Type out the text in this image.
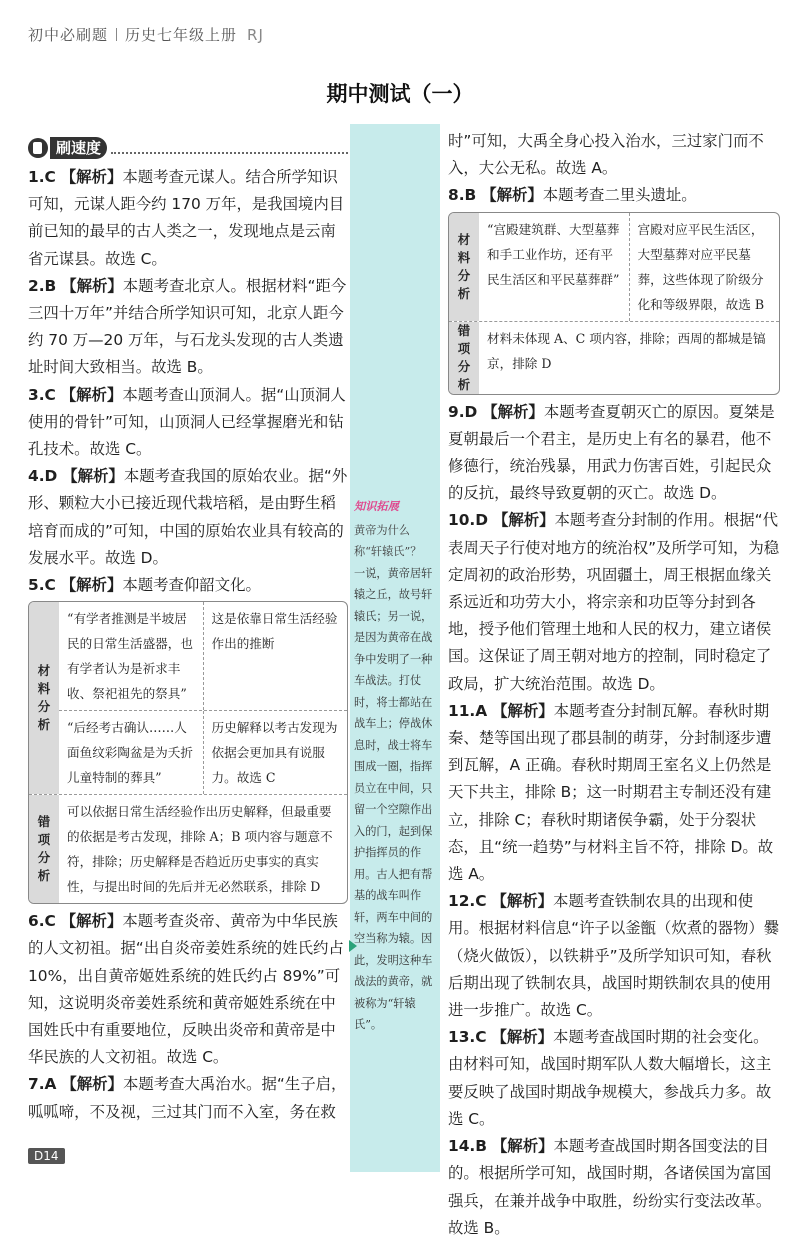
初中必刷题 历史七年级上册 RJ
期中测试（一）
刷速度
1.C 【解析】本题考查元谋人。结合所学知识可知，元谋人距今约 170 万年，是我国境内目前已知的最早的古人类之一，发现地点是云南省元谋县。故选 C。
2.B 【解析】本题考查北京人。根据材料“距今三四十万年”并结合所学知识可知，北京人距今约 70 万—20 万年，与石龙头发现的古人类遗址时间大致相当。故选 B。
3.C 【解析】本题考查山顶洞人。据“山顶洞人使用的骨针”可知，山顶洞人已经掌握磨光和钻孔技术。故选 C。
4.D 【解析】本题考查我国的原始农业。据“外形、颗粒大小已接近现代栽培稻，是由野生稻培育而成的”可知，中国的原始农业具有较高的发展水平。故选 D。
5.C 【解析】本题考查仰韶文化。
材料分析
“有学者推测是半坡居民的日常生活盛器，也有学者认为是祈求丰收、祭祀祖先的祭具”
这是依靠日常生活经验作出的推断
“后经考古确认……人面鱼纹彩陶盆是为夭折儿童特制的葬具”
历史解释以考古发现为依据会更加具有说服力。故选 C
错项分析
可以依据日常生活经验作出历史解释，但最重要的依据是考古发现，排除 A；B 项内容与题意不符，排除；历史解释是否趋近历史事实的真实性，与提出时间的先后并无必然联系，排除 D
6.C 【解析】本题考查炎帝、黄帝为中华民族的人文初祖。据“出自炎帝姜姓系统的姓氏约占 10%，出自黄帝姬姓系统的姓氏约占 89%”可知，这说明炎帝姜姓系统和黄帝姬姓系统在中国姓氏中有重要地位，反映出炎帝和黄帝是中华民族的人文初祖。故选 C。
7.A 【解析】本题考查大禹治水。据“生子启，呱呱啼，不及视，三过其门而不入室，务在救
知识拓展
黄帝为什么称“轩辕氏”？
一说，黄帝居轩辕之丘，故号轩辕氏；另一说，是因为黄帝在战争中发明了一种车战法。打仗时，将士都站在战车上；停战休息时，战士将车围成一圈，指挥员立在中间，只留一个空隙作出入的门，起到保护指挥员的作用。古人把有帮基的战车叫作轩，两车中间的空当称为辕。因此，发明这种车战法的黄帝，就被称为“轩辕氏”。
时”可知，大禹全身心投入治水，三过家门而不入，大公无私。故选 A。
8.B 【解析】本题考查二里头遗址。
材料分析
“宫殿建筑群、大型墓葬和手工业作坊，还有平民生活区和平民墓葬群”
宫殿对应平民生活区，大型墓葬对应平民墓葬，这些体现了阶级分化和等级界限，故选 B
错项分析
材料未体现 A、C 项内容，排除；西周的都城是镐京，排除 D
9.D 【解析】本题考查夏朝灭亡的原因。夏桀是夏朝最后一个君主，是历史上有名的暴君，他不修德行，统治残暴，用武力伤害百姓，引起民众的反抗，最终导致夏朝的灭亡。故选 D。
10.D 【解析】本题考查分封制的作用。根据“代表周天子行使对地方的统治权”及所学可知，为稳定周初的政治形势，巩固疆土，周王根据血缘关系远近和功劳大小，将宗亲和功臣等分封到各地，授予他们管理土地和人民的权力，建立诸侯国。这保证了周王朝对地方的控制，同时稳定了政局，扩大统治范围。故选 D。
11.A 【解析】本题考查分封制瓦解。春秋时期秦、楚等国出现了郡县制的萌芽，分封制逐步遭到瓦解，A 正确。春秋时期周王室名义上仍然是天下共主，排除 B；这一时期君主专制还没有建立，排除 C；春秋时期诸侯争霸，处于分裂状态，且“统一趋势”与材料主旨不符，排除 D。故选 A。
12.C 【解析】本题考查铁制农具的出现和使用。根据材料信息“许子以釜甑（炊煮的器物）爨（烧火做饭），以铁耕乎”及所学知识可知，春秋后期出现了铁制农具，战国时期铁制农具的使用进一步推广。故选 C。
13.C 【解析】本题考查战国时期的社会变化。由材料可知，战国时期军队人数大幅增长，这主要反映了战国时期战争规模大，参战兵力多。故选 C。
14.B 【解析】本题考查战国时期各国变法的目的。根据所学可知，战国时期，各诸侯国为富国强兵，在兼并战争中取胜，纷纷实行变法改革。故选 B。
D14
